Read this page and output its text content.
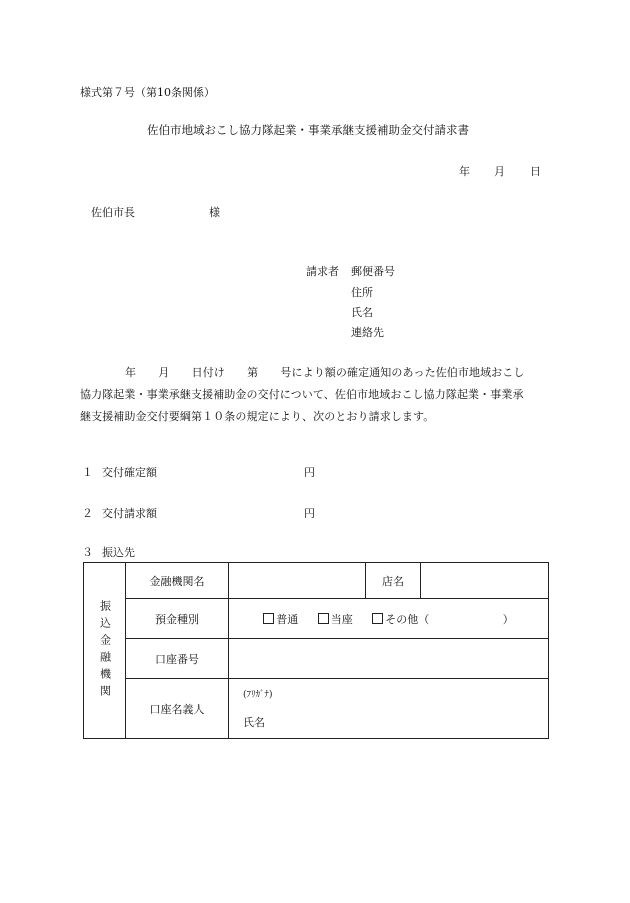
様式第７号（第10条関係）
佐伯市地域おこし協力隊起業・事業承継支援補助金交付請求書
年 月 日
佐伯市長	様
請求者 郵便番号
住所
氏名
連絡先
年　　月　　日付け　　第　　号により額の確定通知のあった佐伯市地域おこし
協力隊起業・事業承継支援補助金の交付について、佐伯市地域おこし協力隊起業・事業承
継支援補助金交付要綱第１０条の規定により、次のとおり請求します。
１ 交付確定額	円
２ 交付請求額	円
３ 振込先
振込金融機関	金融機関名		店名	
	預金種別	普通 当座 その他（ ）		
	口座番号			
	口座名義人	(ﾌﾘｶﾞﾅ)
氏名		
